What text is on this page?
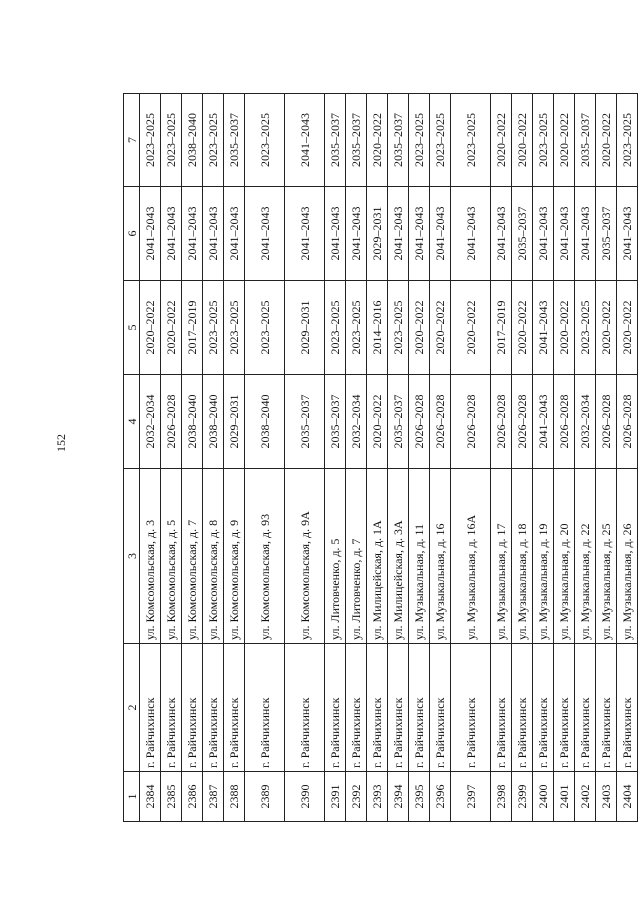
152
1	2	3	4	5	6	7
2384	г. Райчихинск	ул. Комсомольская, д. 3	2032–2034	2020–2022	2041–2043	2023–2025
2385	г. Райчихинск	ул. Комсомольская, д. 5	2026–2028	2020–2022	2041–2043	2023–2025
2386	г. Райчихинск	ул. Комсомольская, д. 7	2038–2040	2017–2019	2041–2043	2038–2040
2387	г. Райчихинск	ул. Комсомольская, д. 8	2038–2040	2023–2025	2041–2043	2023–2025
2388	г. Райчихинск	ул. Комсомольская, д. 9	2029–2031	2023–2025	2041–2043	2035–2037
2389	г. Райчихинск	ул. Комсомольская, д. 93	2038–2040	2023–2025	2041–2043	2023–2025
2390	г. Райчихинск	ул. Комсомольская, д. 9А	2035–2037	2029–2031	2041–2043	2041–2043
2391	г. Райчихинск	ул. Литовченко, д. 5	2035–2037	2023–2025	2041–2043	2035–2037
2392	г. Райчихинск	ул. Литовченко, д. 7	2032–2034	2023–2025	2041–2043	2035–2037
2393	г. Райчихинск	ул. Милицейская, д. 1А	2020–2022	2014–2016	2029–2031	2020–2022
2394	г. Райчихинск	ул. Милицейская, д. 3А	2035–2037	2023–2025	2041–2043	2035–2037
2395	г. Райчихинск	ул. Музыкальная, д. 11	2026–2028	2020–2022	2041–2043	2023–2025
2396	г. Райчихинск	ул. Музыкальная, д. 16	2026–2028	2020–2022	2041–2043	2023–2025
2397	г. Райчихинск	ул. Музыкальная, д. 16А	2026–2028	2020–2022	2041–2043	2023–2025
2398	г. Райчихинск	ул. Музыкальная, д. 17	2026–2028	2017–2019	2041–2043	2020–2022
2399	г. Райчихинск	ул. Музыкальная, д. 18	2026–2028	2020–2022	2035–2037	2020–2022
2400	г. Райчихинск	ул. Музыкальная, д. 19	2041–2043	2041–2043	2041–2043	2023–2025
2401	г. Райчихинск	ул. Музыкальная, д. 20	2026–2028	2020–2022	2041–2043	2020–2022
2402	г. Райчихинск	ул. Музыкальная, д. 22	2032–2034	2023–2025	2041–2043	2035–2037
2403	г. Райчихинск	ул. Музыкальная, д. 25	2026–2028	2020–2022	2035–2037	2020–2022
2404	г. Райчихинск	ул. Музыкальная, д. 26	2026–2028	2020–2022	2041–2043	2023–2025
